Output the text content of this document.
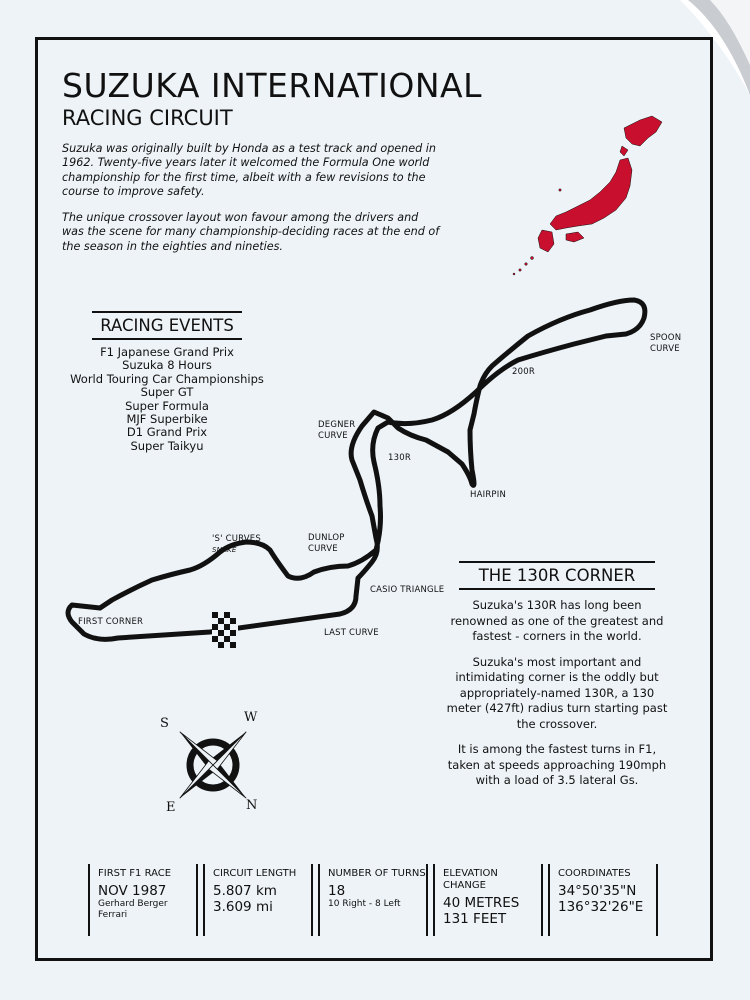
SUZUKA INTERNATIONAL
RACING CIRCUIT

Suzuka was originally built by Honda as a test track and opened in 1962. Twenty-five years later it welcomed the Formula One world championship for the first time, albeit with a few revisions to the course to improve safety.

The unique crossover layout won favour among the drivers and was the scene for many championship-deciding races at the end of the season in the eighties and nineties.

RACING EVENTS
F1 Japanese Grand Prix
Suzuka 8 Hours
World Touring Car Championships
Super GT
Super Formula
MJF Superbike
D1 Grand Prix
Super Taikyu
SPOON
CURVE
200R
DEGNER
CURVE
130R
HAIRPIN
'S' CURVES
SNAKE
DUNLOP
CURVE
CASIO TRIANGLE
FIRST CORNER
LAST CURVE
THE 130R CORNER

Suzuka's 130R has long been renowned as one of the greatest and fastest - corners in the world.

Suzuka's most important and intimidating corner is the oddly but appropriately-named 130R, a 130 meter (427ft) radius turn starting past the crossover.

It is among the fastest turns in F1, taken at speeds approaching 190mph with a load of 3.5 lateral Gs.

S	W
E	N
FIRST F1 RACE
NOV 1987
Gerhard Berger
Ferrari
CIRCUIT LENGTH
5.807 km
3.609 mi
NUMBER OF TURNS
18
10 Right - 8 Left
ELEVATION CHANGE
40 METRES
131 FEET
COORDINATES
34°50'35"N
136°32'26"E
